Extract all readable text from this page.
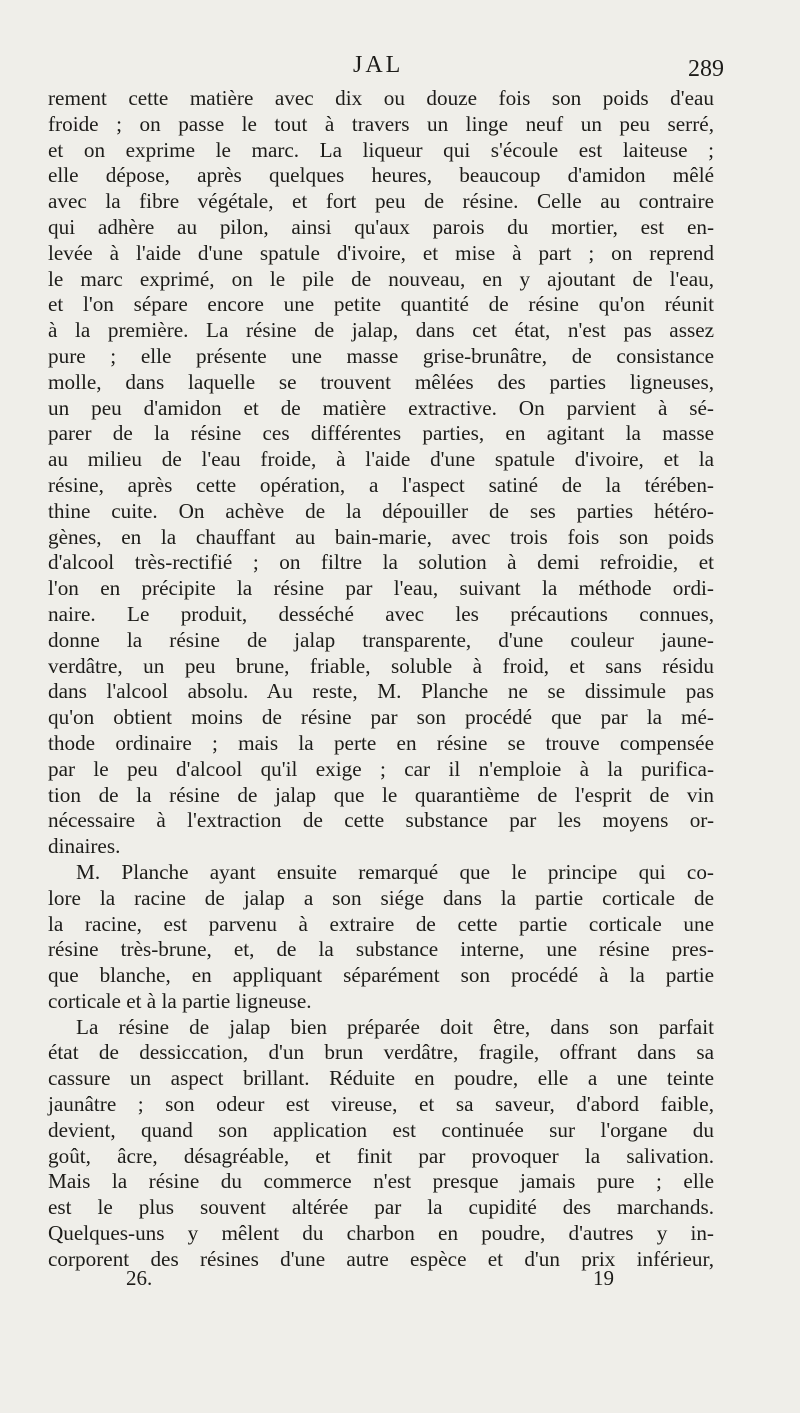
JAL	289
rement cette matière avec dix ou douze fois son poids d'eau
froide ; on passe le tout à travers un linge neuf un peu serré,
et on exprime le marc. La liqueur qui s'écoule est laiteuse ;
elle dépose, après quelques heures, beaucoup d'amidon mêlé
avec la fibre végétale, et fort peu de résine. Celle au contraire
qui adhère au pilon, ainsi qu'aux parois du mortier, est en-
levée à l'aide d'une spatule d'ivoire, et mise à part ; on reprend
le marc exprimé, on le pile de nouveau, en y ajoutant de l'eau,
et l'on sépare encore une petite quantité de résine qu'on réunit
à la première. La résine de jalap, dans cet état, n'est pas assez
pure ; elle présente une masse grise-brunâtre, de consistance
molle, dans laquelle se trouvent mêlées des parties ligneuses,
un peu d'amidon et de matière extractive. On parvient à sé-
parer de la résine ces différentes parties, en agitant la masse
au milieu de l'eau froide, à l'aide d'une spatule d'ivoire, et la
résine, après cette opération, a l'aspect satiné de la térében-
thine cuite. On achève de la dépouiller de ses parties hétéro-
gènes, en la chauffant au bain-marie, avec trois fois son poids
d'alcool très-rectifié ; on filtre la solution à demi refroidie, et
l'on en précipite la résine par l'eau, suivant la méthode ordi-
naire. Le produit, desséché avec les précautions connues,
donne la résine de jalap transparente, d'une couleur jaune-
verdâtre, un peu brune, friable, soluble à froid, et sans résidu
dans l'alcool absolu. Au reste, M. Planche ne se dissimule pas
qu'on obtient moins de résine par son procédé que par la mé-
thode ordinaire ; mais la perte en résine se trouve compensée
par le peu d'alcool qu'il exige ; car il n'emploie à la purifica-
tion de la résine de jalap que le quarantième de l'esprit de vin
nécessaire à l'extraction de cette substance par les moyens or-
dinaires.
M. Planche ayant ensuite remarqué que le principe qui co-
lore la racine de jalap a son siége dans la partie corticale de
la racine, est parvenu à extraire de cette partie corticale une
résine très-brune, et, de la substance interne, une résine pres-
que blanche, en appliquant séparément son procédé à la partie
corticale et à la partie ligneuse.
La résine de jalap bien préparée doit être, dans son parfait
état de dessiccation, d'un brun verdâtre, fragile, offrant dans sa
cassure un aspect brillant. Réduite en poudre, elle a une teinte
jaunâtre ; son odeur est vireuse, et sa saveur, d'abord faible,
devient, quand son application est continuée sur l'organe du
goût, âcre, désagréable, et finit par provoquer la salivation.
Mais la résine du commerce n'est presque jamais pure ; elle
est le plus souvent altérée par la cupidité des marchands.
Quelques-uns y mêlent du charbon en poudre, d'autres y in-
corporent des résines d'une autre espèce et d'un prix inférieur,
26.	19
